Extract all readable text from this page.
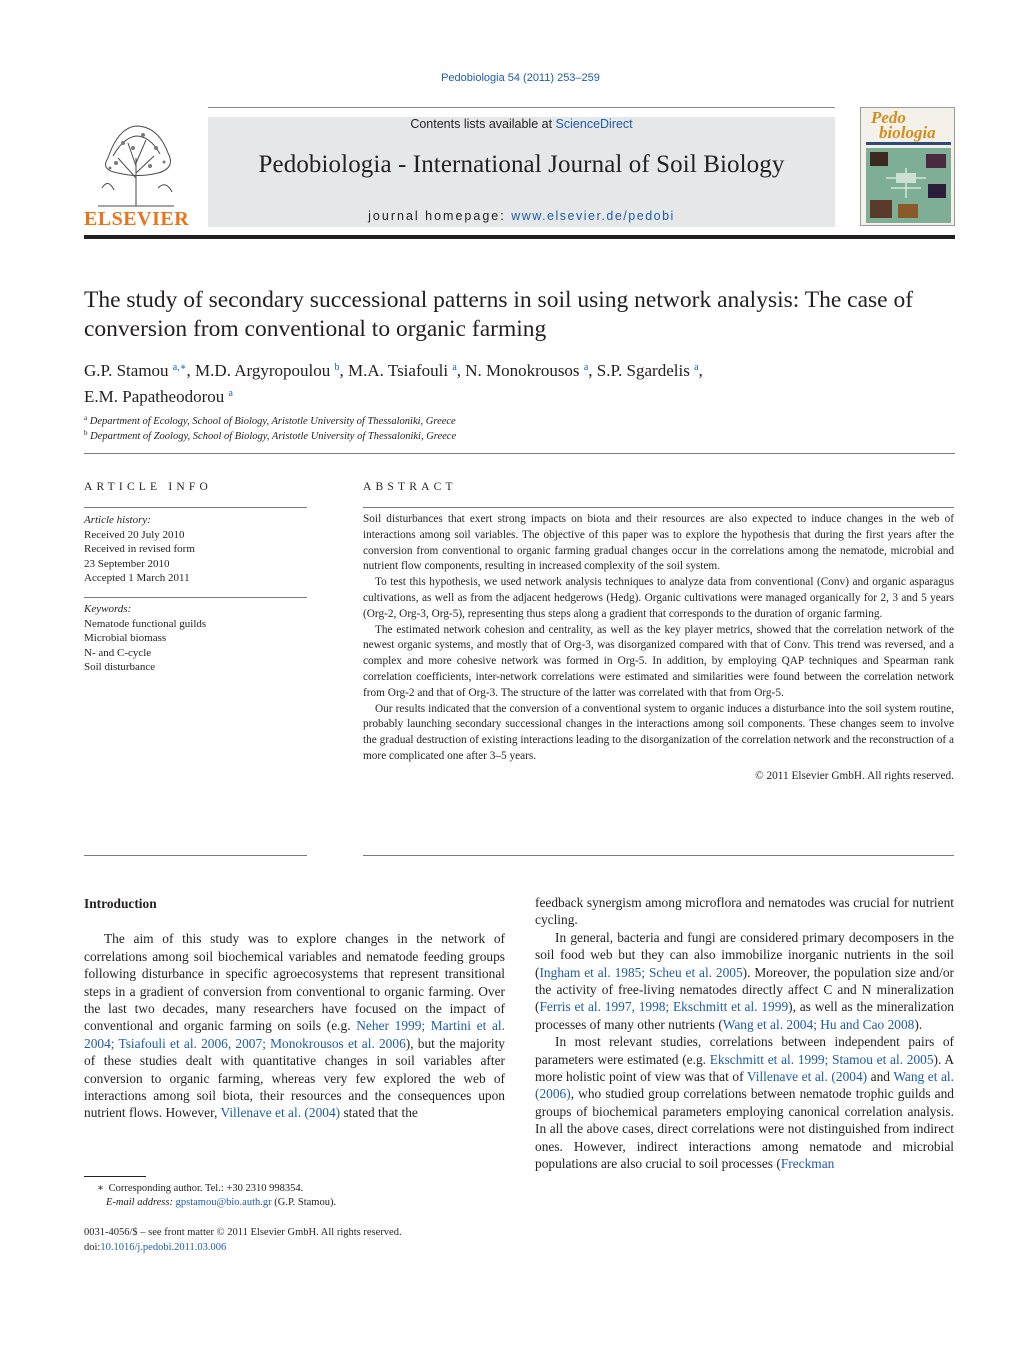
Pedobiologia 54 (2011) 253–259
ELSEVIER
Contents lists available at ScienceDirect
Pedobiologia - International Journal of Soil Biology
journal homepage: www.elsevier.de/pedobi
Pedo
biologia
The study of secondary successional patterns in soil using network analysis: The case of conversion from conventional to organic farming
G.P. Stamou $^{a,∗}$, M.D. Argyropoulou $^b$, M.A. Tsiafouli $^a$, N. Monokrousos $^a$, S.P. Sgardelis $^a$,
E.M. Papatheodorou $^a$
$^a$ Department of Ecology, School of Biology, Aristotle University of Thessaloniki, Greece
$^b$ Department of Zoology, School of Biology, Aristotle University of Thessaloniki, Greece
ARTICLE INFO
Article history:
Received 20 July 2010
Received in revised form
23 September 2010
Accepted 1 March 2011
Keywords:
Nematode functional guilds
Microbial biomass
N- and C-cycle
Soil disturbance
ABSTRACT

Soil disturbances that exert strong impacts on biota and their resources are also expected to induce changes in the web of interactions among soil variables. The objective of this paper was to explore the hypothesis that during the first years after the conversion from conventional to organic farming gradual changes occur in the correlations among the nematode, microbial and nutrient flow components, resulting in increased complexity of the soil system.

To test this hypothesis, we used network analysis techniques to analyze data from conventional (Conv) and organic asparagus cultivations, as well as from the adjacent hedgerows (Hedg). Organic cultivations were managed organically for 2, 3 and 5 years (Org-2, Org-3, Org-5), representing thus steps along a gradient that corresponds to the duration of organic farming.

The estimated network cohesion and centrality, as well as the key player metrics, showed that the correlation network of the newest organic systems, and mostly that of Org-3, was disorganized compared with that of Conv. This trend was reversed, and a complex and more cohesive network was formed in Org-5. In addition, by employing QAP techniques and Spearman rank correlation coefficients, inter-network correlations were estimated and similarities were found between the correlation network from Org-2 and that of Org-3. The structure of the latter was correlated with that from Org-5.

Our results indicated that the conversion of a conventional system to organic induces a disturbance into the soil system routine, probably launching secondary successional changes in the interactions among soil components. These changes seem to involve the gradual destruction of existing interactions leading to the disorganization of the correlation network and the reconstruction of a more complicated one after 3–5 years.

© 2011 Elsevier GmbH. All rights reserved.

Introduction

The aim of this study was to explore changes in the network of correlations among soil biochemical variables and nematode feeding groups following disturbance in specific agroecosystems that represent transitional steps in a gradient of conversion from conventional to organic farming. Over the last two decades, many researchers have focused on the impact of conventional and organic farming on soils (e.g. Neher 1999; Martini et al. 2004; Tsiafouli et al. 2006, 2007; Monokrousos et al. 2006), but the majority of these studies dealt with quantitative changes in soil variables after conversion to organic farming, whereas very few explored the web of interactions among soil biota, their resources and the consequences upon nutrient flows. However, Villenave et al. (2004) stated that the

feedback synergism among microflora and nematodes was crucial for nutrient cycling.

In general, bacteria and fungi are considered primary decomposers in the soil food web but they can also immobilize inorganic nutrients in the soil (Ingham et al. 1985; Scheu et al. 2005). Moreover, the population size and/or the activity of free-living nematodes directly affect C and N mineralization (Ferris et al. 1997, 1998; Ekschmitt et al. 1999), as well as the mineralization processes of many other nutrients (Wang et al. 2004; Hu and Cao 2008).

In most relevant studies, correlations between independent pairs of parameters were estimated (e.g. Ekschmitt et al. 1999; Stamou et al. 2005). A more holistic point of view was that of Villenave et al. (2004) and Wang et al. (2006), who studied group correlations between nematode trophic guilds and groups of biochemical parameters employing canonical correlation analysis. In all the above cases, direct correlations were not distinguished from indirect ones. However, indirect interactions among nematode and microbial populations are also crucial to soil processes (Freckman

∗ Corresponding author. Tel.: +30 2310 998354.
E-mail address: gpstamou@bio.auth.gr (G.P. Stamou).
0031-4056/$ – see front matter © 2011 Elsevier GmbH. All rights reserved.
doi:10.1016/j.pedobi.2011.03.006
